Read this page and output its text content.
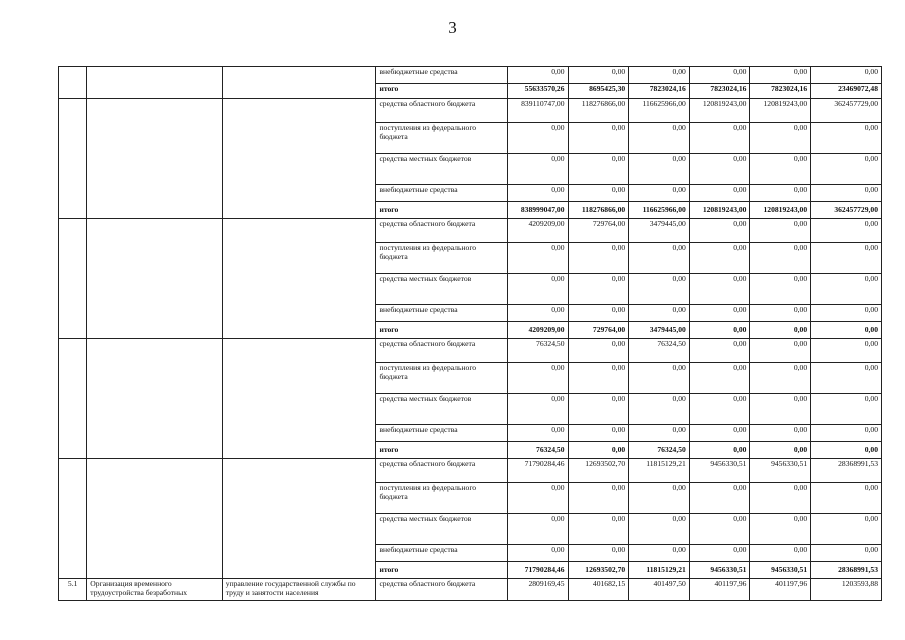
3
			внебюджетные средства	0,00	0,00	0,00	0,00	0,00	0,00
			итого	55633570,26	8695425,30	7823024,16	7823024,16	7823024,16	23469072,48
			средства областного бюджета	839110747,00	118276866,00	116625966,00	120819243,00	120819243,00	362457729,00
			поступления из федерального бюджета	0,00	0,00	0,00	0,00	0,00	0,00
			средства местных бюджетов	0,00	0,00	0,00	0,00	0,00	0,00
			внебюджетные средства	0,00	0,00	0,00	0,00	0,00	0,00
			итого	838999047,00	118276866,00	116625966,00	120819243,00	120819243,00	362457729,00
			средства областного бюджета	4209209,00	729764,00	3479445,00	0,00	0,00	0,00
			поступления из федерального бюджета	0,00	0,00	0,00	0,00	0,00	0,00
			средства местных бюджетов	0,00	0,00	0,00	0,00	0,00	0,00
			внебюджетные средства	0,00	0,00	0,00	0,00	0,00	0,00
			итого	4209209,00	729764,00	3479445,00	0,00	0,00	0,00
			средства областного бюджета	76324,50	0,00	76324,50	0,00	0,00	0,00
			поступления из федерального бюджета	0,00	0,00	0,00	0,00	0,00	0,00
			средства местных бюджетов	0,00	0,00	0,00	0,00	0,00	0,00
			внебюджетные средства	0,00	0,00	0,00	0,00	0,00	0,00
			итого	76324,50	0,00	76324,50	0,00	0,00	0,00
			средства областного бюджета	71790284,46	12693502,70	11815129,21	9456330,51	9456330,51	28368991,53
			поступления из федерального бюджета	0,00	0,00	0,00	0,00	0,00	0,00
			средства местных бюджетов	0,00	0,00	0,00	0,00	0,00	0,00
			внебюджетные средства	0,00	0,00	0,00	0,00	0,00	0,00
			итого	71790284,46	12693502,70	11815129,21	9456330,51	9456330,51	28368991,53
5.1	Организация временного трудоустройства безработных	управление государственной службы по труду и занятости населения	средства областного бюджета	2809169,45	401682,15	401497,50	401197,96	401197,96	1203593,88
